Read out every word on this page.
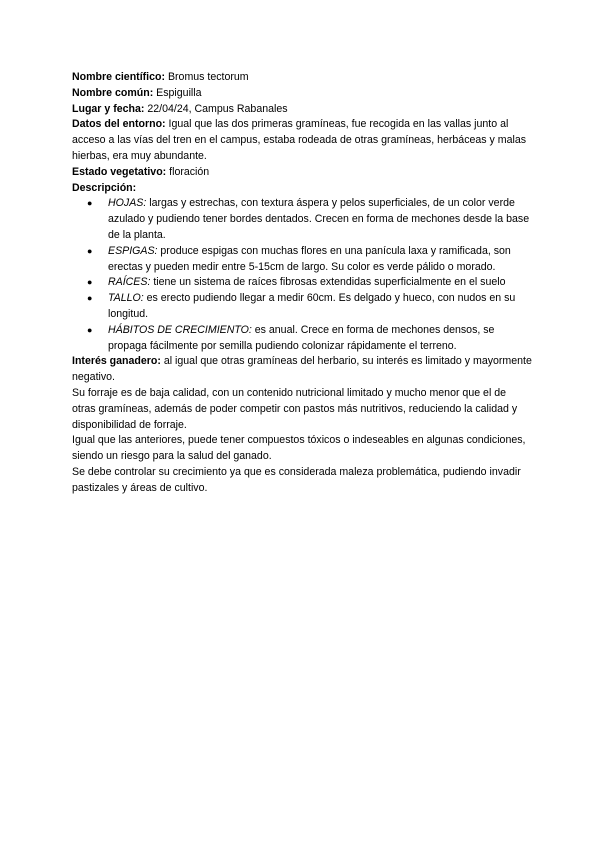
Nombre científico: Bromus tectorum

Nombre común: Espiguilla

Lugar y fecha: 22/04/24, Campus Rabanales

Datos del entorno: Igual que las dos primeras gramíneas, fue recogida en las vallas junto al acceso a las vías del tren en el campus, estaba rodeada de otras gramíneas, herbáceas y malas hierbas, era muy abundante.

Estado vegetativo: floración

Descripción:

● HOJAS: largas y estrechas, con textura áspera y pelos superficiales, de un color verde azulado y pudiendo tener bordes dentados. Crecen en forma de mechones desde la base de la planta.
● ESPIGAS: produce espigas con muchas flores en una panícula laxa y ramificada, son erectas y pueden medir entre 5-15cm de largo. Su color es verde pálido o morado.
● RAÍCES: tiene un sistema de raíces fibrosas extendidas superficialmente en el suelo
● TALLO: es erecto pudiendo llegar a medir 60cm. Es delgado y hueco, con nudos en su longitud.
● HÁBITOS DE CRECIMIENTO: es anual. Crece en forma de mechones densos, se propaga fácilmente por semilla pudiendo colonizar rápidamente el terreno.

Interés ganadero: al igual que otras gramíneas del herbario, su interés es limitado y mayormente negativo.

Su forraje es de baja calidad, con un contenido nutricional limitado y mucho menor que el de otras gramíneas, además de poder competir con pastos más nutritivos, reduciendo la calidad y disponibilidad de forraje.

Igual que las anteriores, puede tener compuestos tóxicos o indeseables en algunas condiciones, siendo un riesgo para la salud del ganado.

Se debe controlar su crecimiento ya que es considerada maleza problemática, pudiendo invadir pastizales y áreas de cultivo.
